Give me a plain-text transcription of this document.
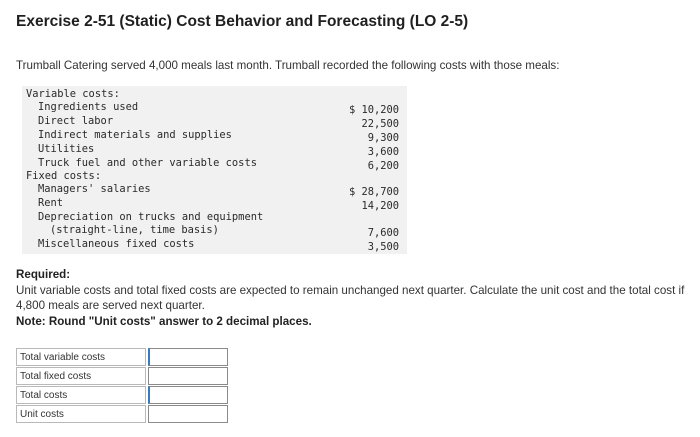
Exercise 2-51 (Static) Cost Behavior and Forecasting (LO 2-5)
Trumball Catering served 4,000 meals last month. Trumball recorded the following costs with those meals:
Variable costs:
Ingredients used	$ 10,200
Direct labor	22,500
Indirect materials and supplies	9,300
Utilities	3,600
Truck fuel and other variable costs	6,200
Fixed costs:
Managers' salaries	$ 28,700
Rent	14,200
Depreciation on trucks and equipment
(straight-line, time basis)	7,600
Miscellaneous fixed costs	3,500
Required:
Unit variable costs and total fixed costs are expected to remain unchanged next quarter. Calculate the unit cost and the total cost if 4,800 meals are served next quarter.
Note: Round "Unit costs" answer to 2 decimal places.
Total variable costs
Total fixed costs
Total costs
Unit costs
